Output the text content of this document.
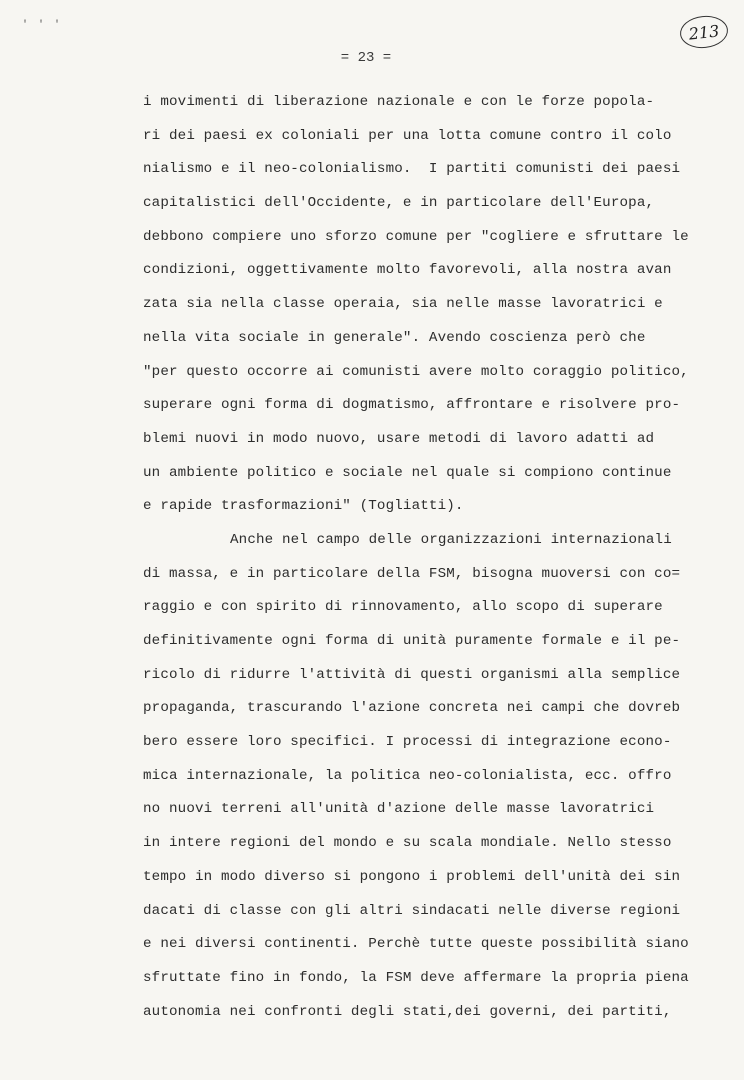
' ' '	213
= 23 =
i movimenti di liberazione nazionale e con le forze popola-
ri dei paesi ex coloniali per una lotta comune contro il colo
nialismo e il neo-colonialismo.  I partiti comunisti dei paesi
capitalistici dell'Occidente, e in particolare dell'Europa,
debbono compiere uno sforzo comune per "cogliere e sfruttare le
condizioni, oggettivamente molto favorevoli, alla nostra avan
zata sia nella classe operaia, sia nelle masse lavoratrici e
nella vita sociale in generale". Avendo coscienza però che
"per questo occorre ai comunisti avere molto coraggio politico,
superare ogni forma di dogmatismo, affrontare e risolvere pro-
blemi nuovi in modo nuovo, usare metodi di lavoro adatti ad
un ambiente politico e sociale nel quale si compiono continue
e rapide trasformazioni" (Togliatti).
Anche nel campo delle organizzazioni internazionali
di massa, e in particolare della FSM, bisogna muoversi con co=
raggio e con spirito di rinnovamento, allo scopo di superare
definitivamente ogni forma di unità puramente formale e il pe-
ricolo di ridurre l'attività di questi organismi alla semplice
propaganda, trascurando l'azione concreta nei campi che dovreb
bero essere loro specifici. I processi di integrazione econo-
mica internazionale, la politica neo-colonialista, ecc. offro
no nuovi terreni all'unità d'azione delle masse lavoratrici
in intere regioni del mondo e su scala mondiale. Nello stesso
tempo in modo diverso si pongono i problemi dell'unità dei sin
dacati di classe con gli altri sindacati nelle diverse regioni
e nei diversi continenti. Perchè tutte queste possibilità siano
sfruttate fino in fondo, la FSM deve affermare la propria piena
autonomia nei confronti degli stati,dei governi, dei partiti,
